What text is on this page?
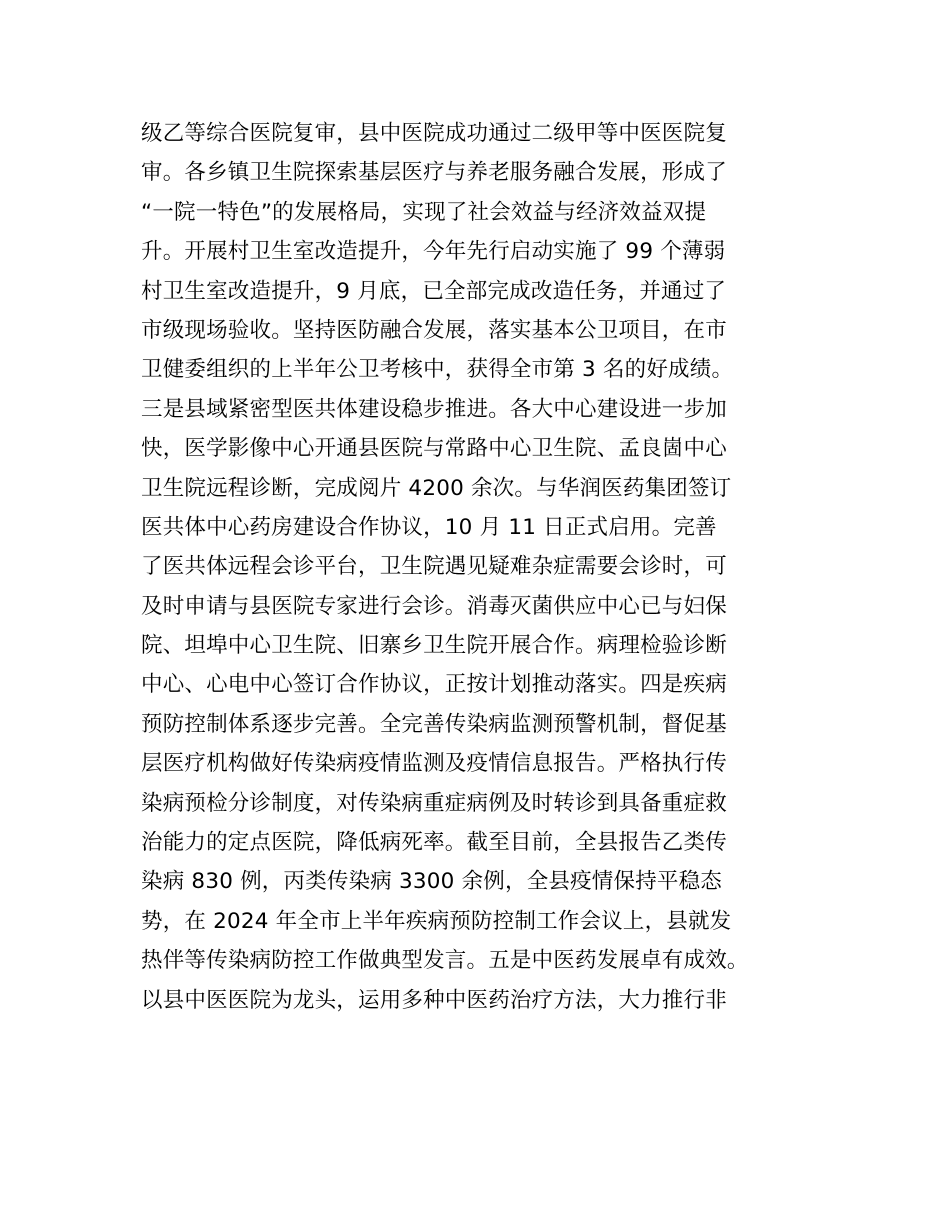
级乙等综合医院复审，县中医院成功通过二级甲等中医医院复
审。各乡镇卫生院探索基层医疗与养老服务融合发展，形成了
“一院一特色”的发展格局，实现了社会效益与经济效益双提
升。开展村卫生室改造提升，今年先行启动实施了 99 个薄弱
村卫生室改造提升，9 月底，已全部完成改造任务，并通过了
市级现场验收。坚持医防融合发展，落实基本公卫项目，在市
卫健委组织的上半年公卫考核中，获得全市第 3 名的好成绩。
三是县域紧密型医共体建设稳步推进。各大中心建设进一步加
快，医学影像中心开通县医院与常路中心卫生院、孟良崮中心
卫生院远程诊断，完成阅片 4200 余次。与华润医药集团签订
医共体中心药房建设合作协议，10 月 11 日正式启用。完善
了医共体远程会诊平台，卫生院遇见疑难杂症需要会诊时，可
及时申请与县医院专家进行会诊。消毒灭菌供应中心已与妇保
院、坦埠中心卫生院、旧寨乡卫生院开展合作。病理检验诊断
中心、心电中心签订合作协议，正按计划推动落实。四是疾病
预防控制体系逐步完善。全完善传染病监测预警机制，督促基
层医疗机构做好传染病疫情监测及疫情信息报告。严格执行传
染病预检分诊制度，对传染病重症病例及时转诊到具备重症救
治能力的定点医院，降低病死率。截至目前，全县报告乙类传
染病 830 例，丙类传染病 3300 余例，全县疫情保持平稳态
势，在 2024 年全市上半年疾病预防控制工作会议上，县就发
热伴等传染病防控工作做典型发言。五是中医药发展卓有成效。
以县中医医院为龙头，运用多种中医药治疗方法，大力推行非
